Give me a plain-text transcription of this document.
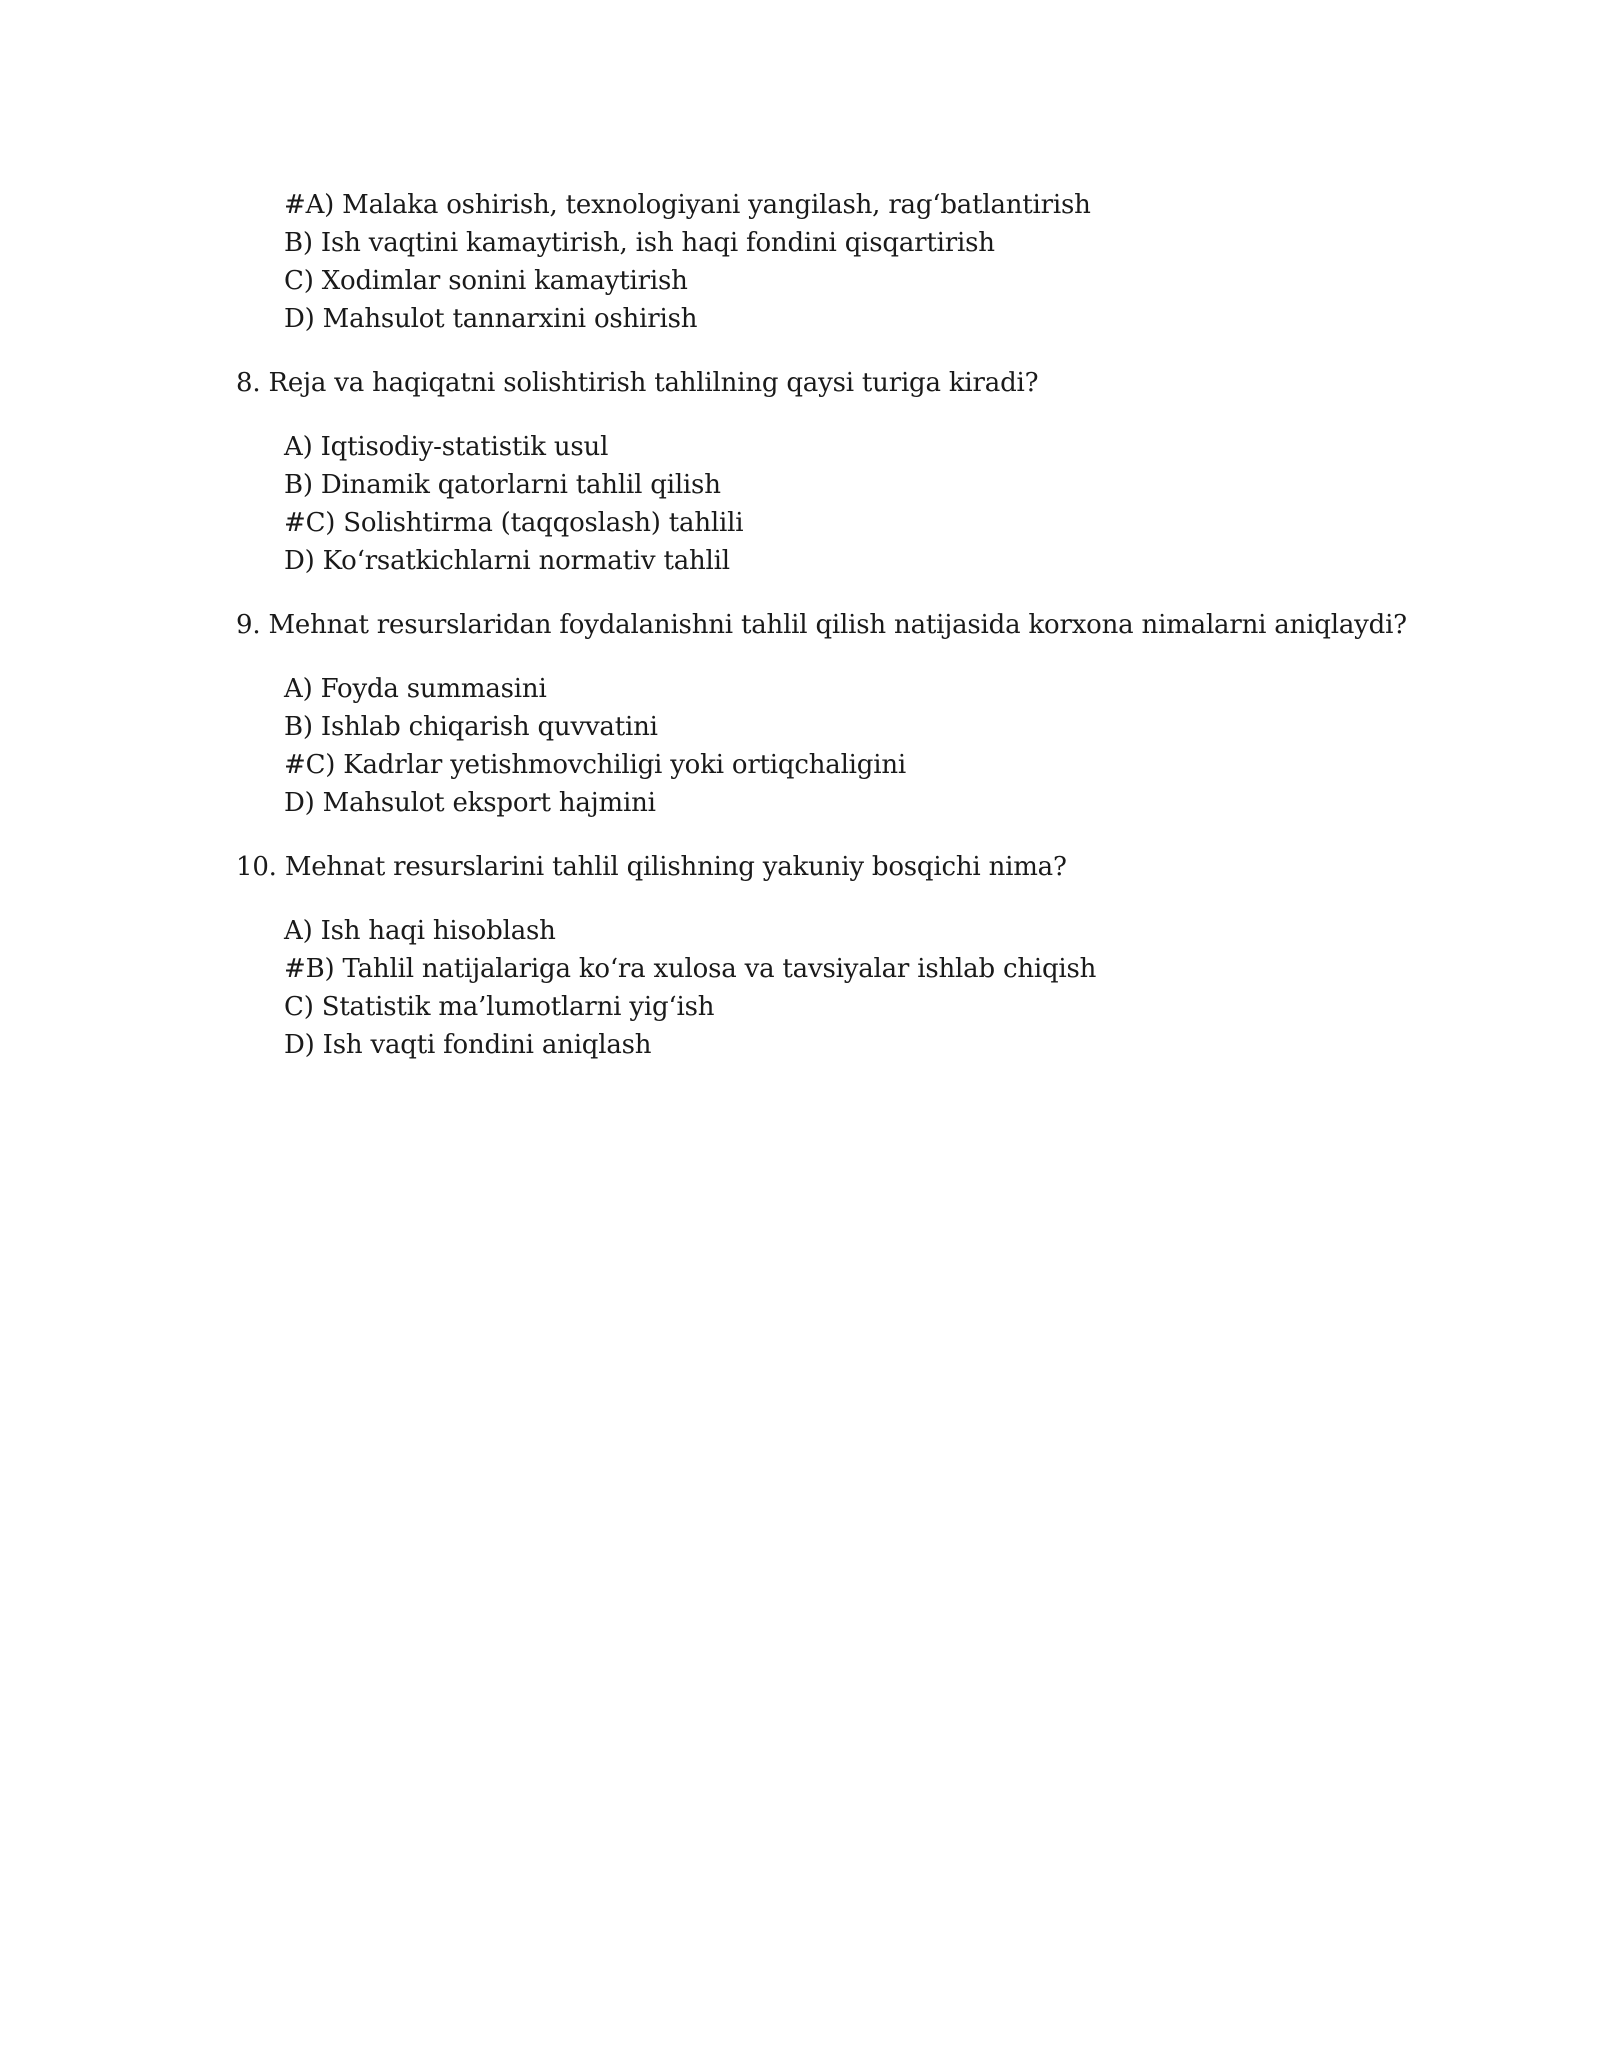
#A) Malaka oshirish, texnologiyani yangilash, rag‘batlantirish
B) Ish vaqtini kamaytirish, ish haqi fondini qisqartirish
C) Xodimlar sonini kamaytirish
D) Mahsulot tannarxini oshirish
8. Reja va haqiqatni solishtirish tahlilning qaysi turiga kiradi?
A) Iqtisodiy-statistik usul
B) Dinamik qatorlarni tahlil qilish
#C) Solishtirma (taqqoslash) tahlili
D) Ko‘rsatkichlarni normativ tahlil
9. Mehnat resurslaridan foydalanishni tahlil qilish natijasida korxona nimalarni aniqlaydi?
A) Foyda summasini
B) Ishlab chiqarish quvvatini
#C) Kadrlar yetishmovchiligi yoki ortiqchaligini
D) Mahsulot eksport hajmini
10. Mehnat resurslarini tahlil qilishning yakuniy bosqichi nima?
A) Ish haqi hisoblash
#B) Tahlil natijalariga ko‘ra xulosa va tavsiyalar ishlab chiqish
C) Statistik ma’lumotlarni yig‘ish
D) Ish vaqti fondini aniqlash
